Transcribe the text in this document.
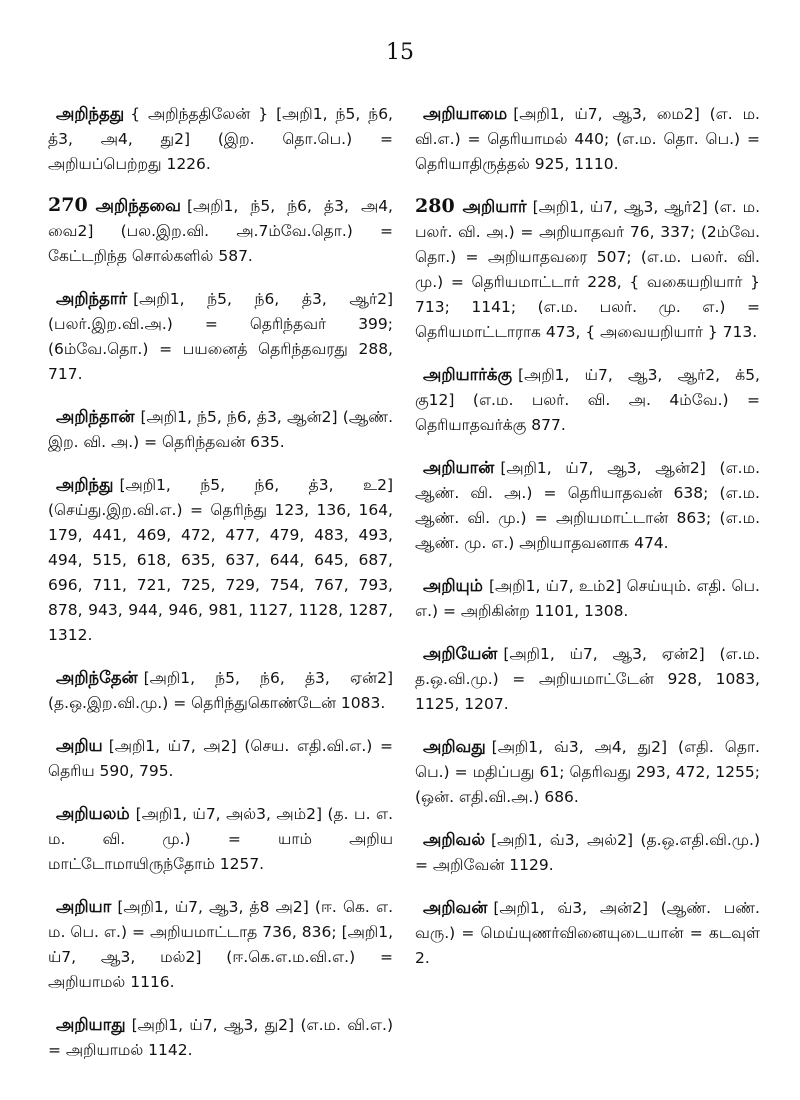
15

அறிந்தது { அறிந்ததிலேன் } [அறி1, ந்5, ந்6, த்3, அ4, து2] (இற. தொ.பெ.) = அறியப்பெற்றது 1226.

270 அறிந்தவை [அறி1, ந்5, ந்6, த்3, அ4, வை2] (பல.இற.வி. அ.7ம்வே.தொ.) = கேட்டறிந்த சொல்களில் 587.

அறிந்தார் [அறி1, ந்5, ந்6, த்3, ஆர்2] (பலர்.இற.வி.அ.) = தெரிந்தவர் 399; (6ம்வே.தொ.) = பயனைத் தெரிந்தவரது 288, 717.

அறிந்தான் [அறி1, ந்5, ந்6, த்3, ஆன்2] (ஆண். இற. வி. அ.) = தெரிந்தவன் 635.

அறிந்து [அறி1, ந்5, ந்6, த்3, உ2] (செய்து.இற.வி.எ.) = தெரிந்து 123, 136, 164, 179, 441, 469, 472, 477, 479, 483, 493, 494, 515, 618, 635, 637, 644, 645, 687, 696, 711, 721, 725, 729, 754, 767, 793, 878, 943, 944, 946, 981, 1127, 1128, 1287, 1312.

அறிந்தேன் [அறி1, ந்5, ந்6, த்3, ஏன்2] (த.ஒ.இற.வி.மு.) = தெரிந்துகொண்டேன் 1083.

அறிய [அறி1, ய்7, அ2] (செய. எதி.வி.எ.) = தெரிய 590, 795.

அறியலம் [அறி1, ய்7, அல்3, அம்2] (த. ப. எ. ம. வி. மு.) = யாம் அறிய மாட்டோமாயிருந்தோம் 1257.

அறியா [அறி1, ய்7, ஆ3, த்8 அ2] (ஈ. கெ. எ. ம. பெ. எ.) = அறியமாட்டாத 736, 836; [அறி1, ய்7, ஆ3, மல்2] (ஈ.கெ.எ.ம.வி.எ.) = அறியாமல் 1116.

அறியாது [அறி1, ய்7, ஆ3, து2] (எ.ம. வி.எ.) = அறியாமல் 1142.

அறியாமை [அறி1, ய்7, ஆ3, மை2] (எ. ம. வி.எ.) = தெரியாமல் 440; (எ.ம. தொ. பெ.) = தெரியாதிருத்தல் 925, 1110.

280 அறியார் [அறி1, ய்7, ஆ3, ஆர்2] (எ. ம. பலர். வி. அ.) = அறியாதவர் 76, 337; (2ம்வே. தொ.) = அறியாதவரை 507; (எ.ம. பலர். வி. மு.) = தெரியமாட்டார் 228, { வகையறியார் } 713; 1141; (எ.ம. பலர். மு. எ.) = தெரியமாட்டாராக 473, { அவையறியார் } 713.

அறியார்க்கு [அறி1, ய்7, ஆ3, ஆர்2, க்5, கு12] (எ.ம. பலர். வி. அ. 4ம்வே.) = தெரியாதவர்க்கு 877.

அறியான் [அறி1, ய்7, ஆ3, ஆன்2] (எ.ம. ஆண். வி. அ.) = தெரியாதவன் 638; (எ.ம. ஆண். வி. மு.) = அறியமாட்டான் 863; (எ.ம. ஆண். மு. எ.) அறியாதவனாக 474.

அறியும் [அறி1, ய்7, உம்2] செய்யும். எதி. பெ. எ.) = அறிகின்ற 1101, 1308.

அறியேன் [அறி1, ய்7, ஆ3, ஏன்2] (எ.ம. த.ஒ.வி.மு.) = அறியமாட்டேன் 928, 1083, 1125, 1207.

அறிவது [அறி1, வ்3, அ4, து2] (எதி. தொ. பெ.) = மதிப்பது 61; தெரிவது 293, 472, 1255; (ஒன். எதி.வி.அ.) 686.

அறிவல் [அறி1, வ்3, அல்2] (த.ஒ.எதி.வி.மு.) = அறிவேன் 1129.

அறிவன் [அறி1, வ்3, அன்2] (ஆண். பண். வரு.) = மெய்யுணர்வினையுடையான் = கடவுள் 2.
